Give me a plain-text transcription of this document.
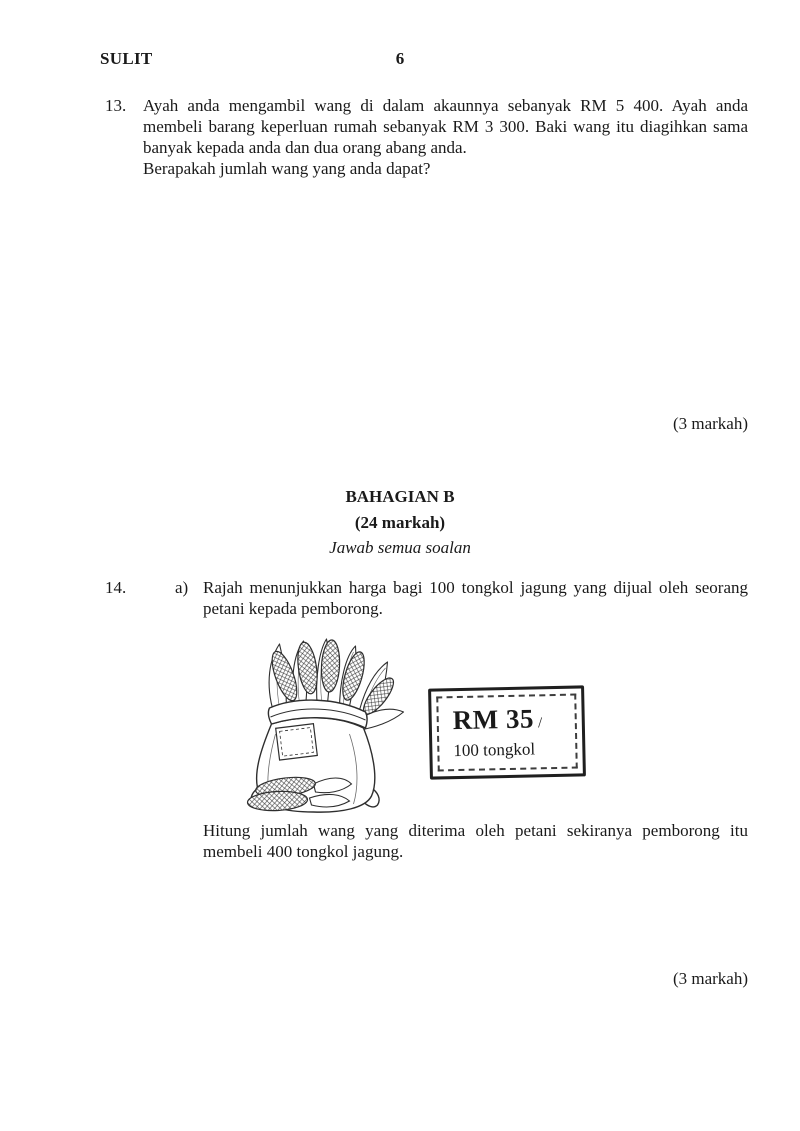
SULIT	6
13. Ayah anda mengambil wang di dalam akaunnya sebanyak RM 5 400. Ayah anda membeli barang keperluan rumah sebanyak RM 3 300. Baki wang itu diagihkan sama banyak kepada anda dan dua orang abang anda.

Berapakah jumlah wang yang anda dapat?

(3 markah)
BAHAGIAN B
(24 markah)
Jawab semua soalan
14.	a) Rajah menunjukkan harga bagi 100 tongkol jagung yang dijual oleh seorang petani kepada pemborong.
RM 35 /
100 tongkol
Hitung jumlah wang yang diterima oleh petani sekiranya pemborong itu membeli 400 tongkol jagung.
(3 markah)
